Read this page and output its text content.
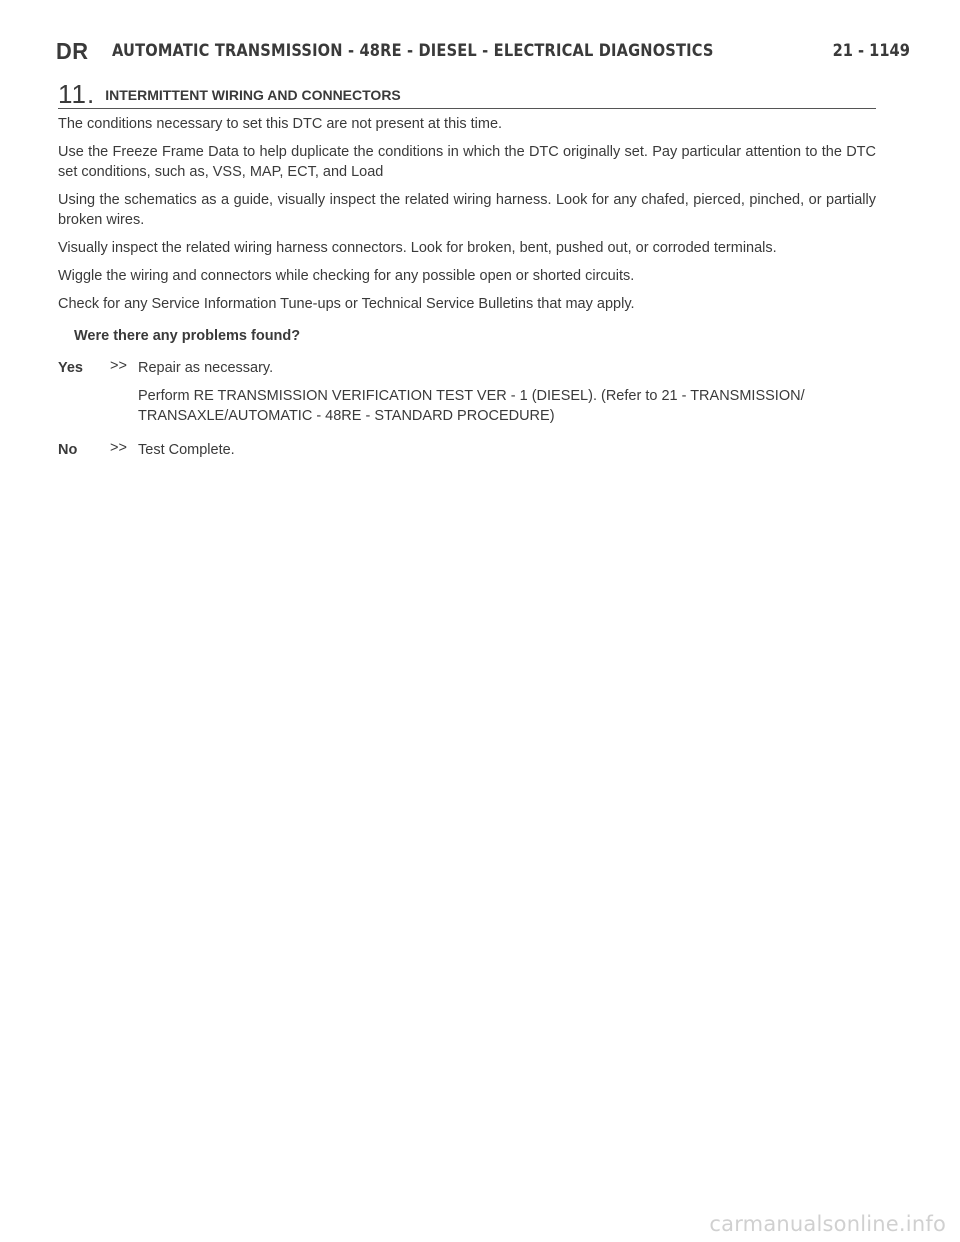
DR AUTOMATIC TRANSMISSION - 48RE - DIESEL - ELECTRICAL DIAGNOSTICS	21 - 1149
11. INTERMITTENT WIRING AND CONNECTORS

The conditions necessary to set this DTC are not present at this time.

Use the Freeze Frame Data to help duplicate the conditions in which the DTC originally set. Pay particular attention to the DTC set conditions, such as, VSS, MAP, ECT, and Load

Using the schematics as a guide, visually inspect the related wiring harness. Look for any chafed, pierced, pinched, or partially broken wires.

Visually inspect the related wiring harness connectors. Look for broken, bent, pushed out, or corroded terminals.

Wiggle the wiring and connectors while checking for any possible open or shorted circuits.

Check for any Service Information Tune-ups or Technical Service Bulletins that may apply.

Were there any problems found?

Yes	>> Repair as necessary.

Perform RE TRANSMISSION VERIFICATION TEST VER - 1 (DIESEL). (Refer to 21 - TRANSMISSION/ TRANSAXLE/AUTOMATIC - 48RE - STANDARD PROCEDURE)

No	>> Test Complete.

carmanualsonline.info
